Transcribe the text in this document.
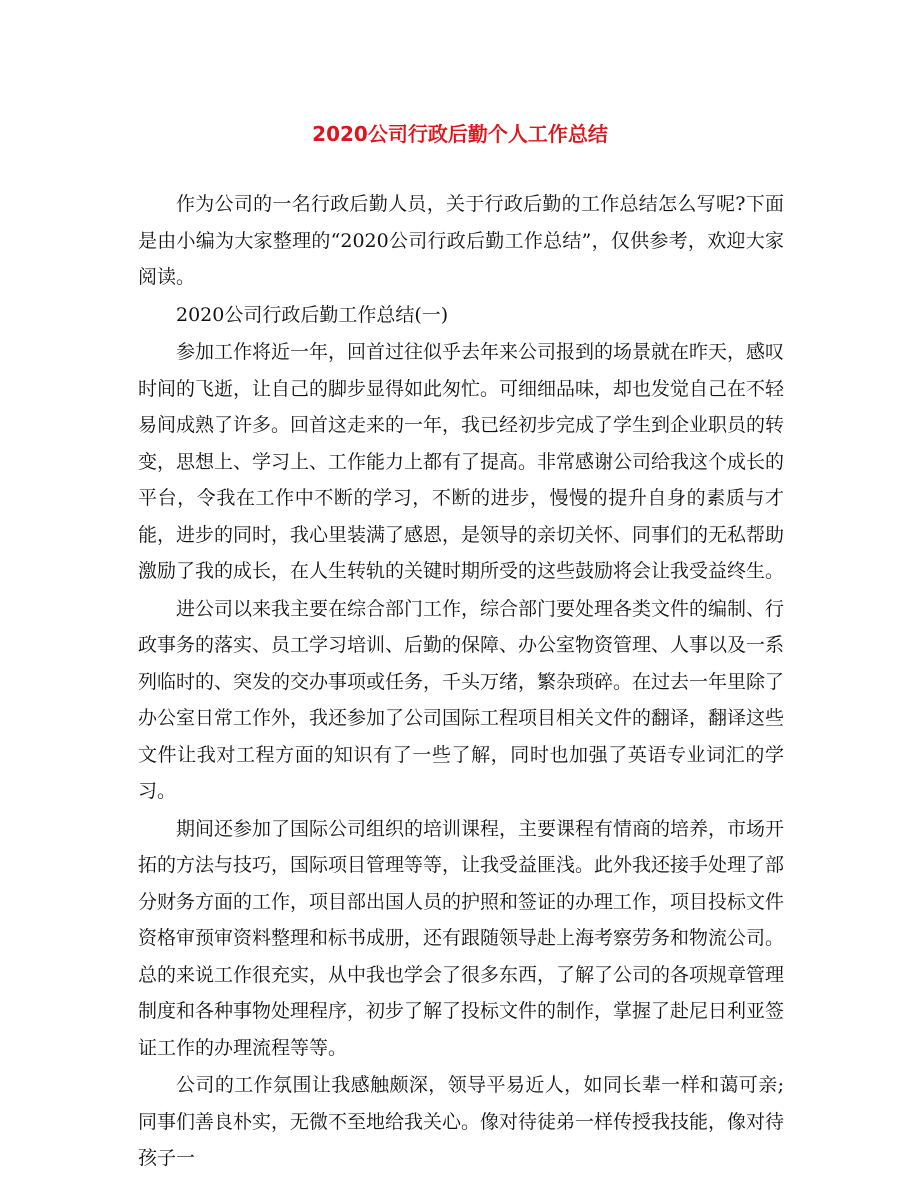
2020公司行政后勤个人工作总结

作为公司的一名行政后勤人员，关于行政后勤的工作总结怎么写呢?下面是由小编为大家整理的“2020公司行政后勤工作总结”，仅供参考，欢迎大家阅读。

2020公司行政后勤工作总结(一)

参加工作将近一年，回首过往似乎去年来公司报到的场景就在昨天，感叹时间的飞逝，让自己的脚步显得如此匆忙。可细细品味，却也发觉自己在不轻易间成熟了许多。回首这走来的一年，我已经初步完成了学生到企业职员的转变，思想上、学习上、工作能力上都有了提高。非常感谢公司给我这个成长的平台，令我在工作中不断的学习，不断的进步，慢慢的提升自身的素质与才能，进步的同时，我心里装满了感恩，是领导的亲切关怀、同事们的无私帮助激励了我的成长，在人生转轨的关键时期所受的这些鼓励将会让我受益终生。

进公司以来我主要在综合部门工作，综合部门要处理各类文件的编制、行政事务的落实、员工学习培训、后勤的保障、办公室物资管理、人事以及一系列临时的、突发的交办事项或任务，千头万绪，繁杂琐碎。在过去一年里除了办公室日常工作外，我还参加了公司国际工程项目相关文件的翻译，翻译这些文件让我对工程方面的知识有了一些了解，同时也加强了英语专业词汇的学习。

期间还参加了国际公司组织的培训课程，主要课程有情商的培养，市场开拓的方法与技巧，国际项目管理等等，让我受益匪浅。此外我还接手处理了部分财务方面的工作，项目部出国人员的护照和签证的办理工作，项目投标文件资格审预审资料整理和标书成册，还有跟随领导赴上海考察劳务和物流公司。总的来说工作很充实，从中我也学会了很多东西，了解了公司的各项规章管理制度和各种事物处理程序，初步了解了投标文件的制作，掌握了赴尼日利亚签证工作的办理流程等等。

公司的工作氛围让我感触颇深，领导平易近人，如同长辈一样和蔼可亲;同事们善良朴实，无微不至地给我关心。像对待徒弟一样传授我技能，像对待孩子一
